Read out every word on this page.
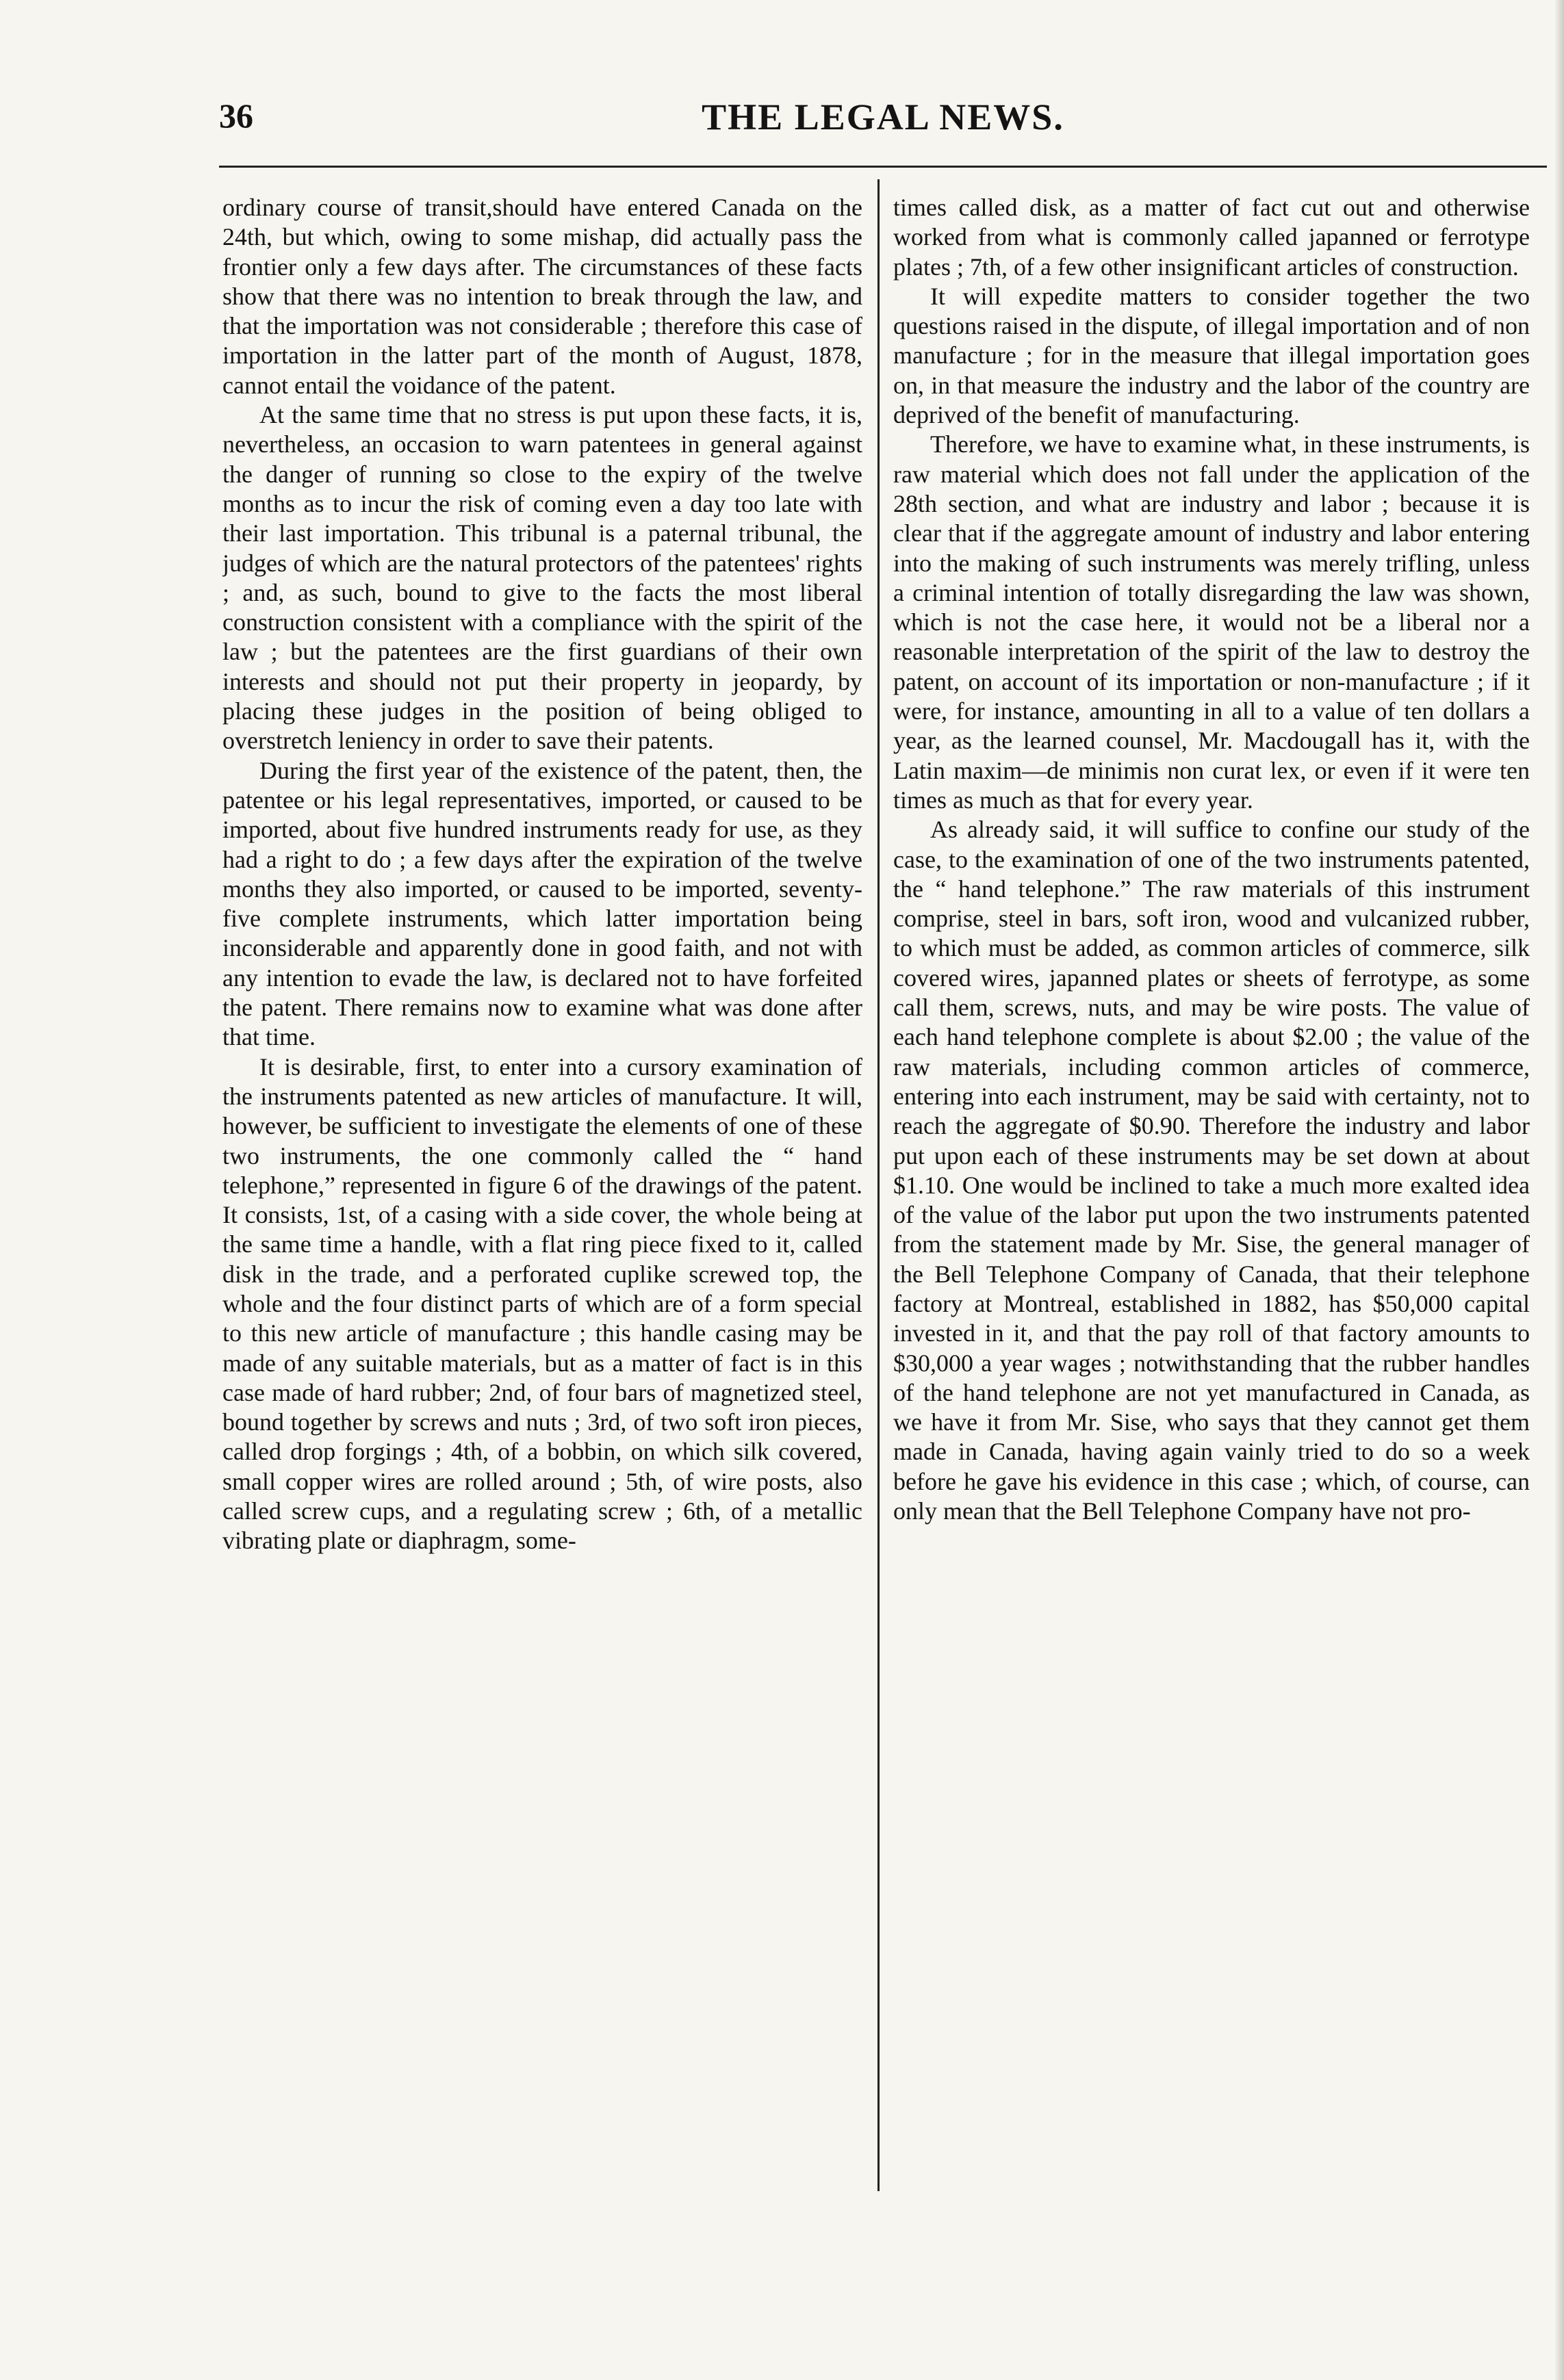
36	THE LEGAL NEWS.

ordinary course of transit,should have entered Canada on the 24th, but which, owing to some mishap, did actually pass the frontier only a few days after. The circumstances of these facts show that there was no intention to break through the law, and that the importation was not considerable ; therefore this case of importation in the latter part of the month of August, 1878, cannot entail the voidance of the patent.

At the same time that no stress is put upon these facts, it is, nevertheless, an occasion to warn patentees in general against the danger of running so close to the expiry of the twelve months as to incur the risk of coming even a day too late with their last importation. This tribunal is a paternal tribunal, the judges of which are the natural protectors of the patentees' rights ; and, as such, bound to give to the facts the most liberal construction consistent with a compliance with the spirit of the law ; but the patentees are the first guardians of their own interests and should not put their property in jeopardy, by placing these judges in the position of being obliged to overstretch leniency in order to save their patents.

During the first year of the existence of the patent, then, the patentee or his legal representatives, imported, or caused to be imported, about five hundred instruments ready for use, as they had a right to do ; a few days after the expiration of the twelve months they also imported, or caused to be imported, seventy-five complete instruments, which latter importation being inconsiderable and apparently done in good faith, and not with any intention to evade the law, is declared not to have forfeited the patent. There remains now to examine what was done after that time.

It is desirable, first, to enter into a cursory examination of the instruments patented as new articles of manufacture. It will, however, be sufficient to investigate the elements of one of these two instruments, the one commonly called the “ hand telephone,” represented in figure 6 of the drawings of the patent. It consists, 1st, of a casing with a side cover, the whole being at the same time a handle, with a flat ring piece fixed to it, called disk in the trade, and a perforated cuplike screwed top, the whole and the four distinct parts of which are of a form special to this new article of manufacture ; this handle casing may be made of any suitable materials, but as a matter of fact is in this case made of hard rubber; 2nd, of four bars of magnetized steel, bound together by screws and nuts ; 3rd, of two soft iron pieces, called drop forgings ; 4th, of a bobbin, on which silk covered, small copper wires are rolled around ; 5th, of wire posts, also called screw cups, and a regulating screw ; 6th, of a metallic vibrating plate or diaphragm, some-

times called disk, as a matter of fact cut out and otherwise worked from what is commonly called japanned or ferrotype plates ; 7th, of a few other insignificant articles of construction.

It will expedite matters to consider together the two questions raised in the dispute, of illegal importation and of non manufacture ; for in the measure that illegal importation goes on, in that measure the industry and the labor of the country are deprived of the benefit of manufacturing.

Therefore, we have to examine what, in these instruments, is raw material which does not fall under the application of the 28th section, and what are industry and labor ; because it is clear that if the aggregate amount of industry and labor entering into the making of such instruments was merely trifling, unless a criminal intention of totally disregarding the law was shown, which is not the case here, it would not be a liberal nor a reasonable interpretation of the spirit of the law to destroy the patent, on account of its importation or non-manufacture ; if it were, for instance, amounting in all to a value of ten dollars a year, as the learned counsel, Mr. Macdougall has it, with the Latin maxim—de minimis non curat lex, or even if it were ten times as much as that for every year.

As already said, it will suffice to confine our study of the case, to the examination of one of the two instruments patented, the “ hand telephone.” The raw materials of this instrument comprise, steel in bars, soft iron, wood and vulcanized rubber, to which must be added, as common articles of commerce, silk covered wires, japanned plates or sheets of ferrotype, as some call them, screws, nuts, and may be wire posts. The value of each hand telephone complete is about $2.00 ; the value of the raw materials, including common articles of commerce, entering into each instrument, may be said with certainty, not to reach the aggregate of $0.90. Therefore the industry and labor put upon each of these instruments may be set down at about $1.10. One would be inclined to take a much more exalted idea of the value of the labor put upon the two instruments patented from the statement made by Mr. Sise, the general manager of the Bell Telephone Company of Canada, that their telephone factory at Montreal, established in 1882, has $50,000 capital invested in it, and that the pay roll of that factory amounts to $30,000 a year wages ; notwithstanding that the rubber handles of the hand telephone are not yet manufactured in Canada, as we have it from Mr. Sise, who says that they cannot get them made in Canada, having again vainly tried to do so a week before he gave his evidence in this case ; which, of course, can only mean that the Bell Telephone Company have not pro-
